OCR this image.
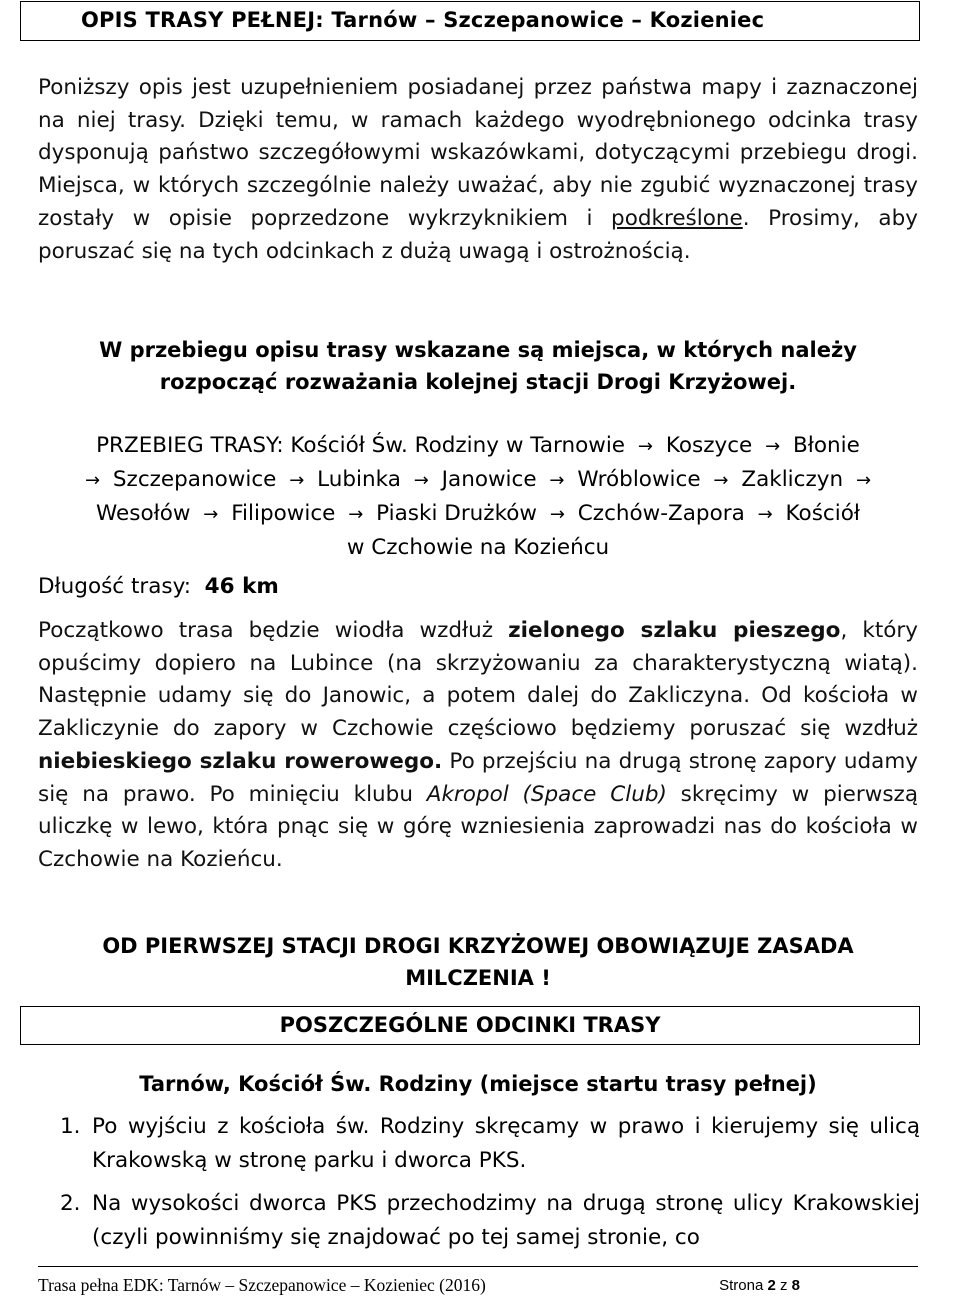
OPIS TRASY PEŁNEJ: Tarnów – Szczepanowice – Kozieniec
Poniższy opis jest uzupełnieniem posiadanej przez państwa mapy i zaznaczonej na niej trasy. Dzięki temu, w ramach każdego wyodrębnionego odcinka trasy dysponują państwo szczegółowymi wskazówkami, dotyczącymi przebiegu drogi. Miejsca, w których szczególnie należy uważać, aby nie zgubić wyznaczonej trasy zostały w opisie poprzedzone wykrzyknikiem i podkreślone. Prosimy, aby poruszać się na tych odcinkach z dużą uwagą i ostrożnością.
W przebiegu opisu trasy wskazane są miejsca, w których należy rozpocząć rozważania kolejnej stacji Drogi Krzyżowej.
PRZEBIEG TRASY: Kościół Św. Rodziny w Tarnowie → Koszyce → Błonie
→ Szczepanowice → Lubinka → Janowice → Wróblowice → Zakliczyn →
Wesołów → Filipowice → Piaski Drużków → Czchów-Zapora → Kościół
w Czchowie na Kozieńcu
Długość trasy: 46 km
Początkowo trasa będzie wiodła wzdłuż zielonego szlaku pieszego, który opuścimy dopiero na Lubince (na skrzyżowaniu za charakterystyczną wiatą). Następnie udamy się do Janowic, a potem dalej do Zakliczyna. Od kościoła w Zakliczynie do zapory w Czchowie częściowo będziemy poruszać się wzdłuż niebieskiego szlaku rowerowego. Po przejściu na drugą stronę zapory udamy się na prawo. Po minięciu klubu Akropol (Space Club) skręcimy w pierwszą uliczkę w lewo, która pnąc się w górę wzniesienia zaprowadzi nas do kościoła w Czchowie na Kozieńcu.
OD PIERWSZEJ STACJI DROGI KRZYŻOWEJ OBOWIĄZUJE ZASADA MILCZENIA !
POSZCZEGÓLNE ODCINKI TRASY
Tarnów, Kościół Św. Rodziny (miejsce startu trasy pełnej)
1. Po wyjściu z kościoła św. Rodziny skręcamy w prawo i kierujemy się ulicą Krakowską w stronę parku i dworca PKS.
2. Na wysokości dworca PKS przechodzimy na drugą stronę ulicy Krakowskiej (czyli powinniśmy się znajdować po tej samej stronie, co
Trasa pełna EDK: Tarnów – Szczepanowice – Kozieniec (2016)	Strona 2 z 8
